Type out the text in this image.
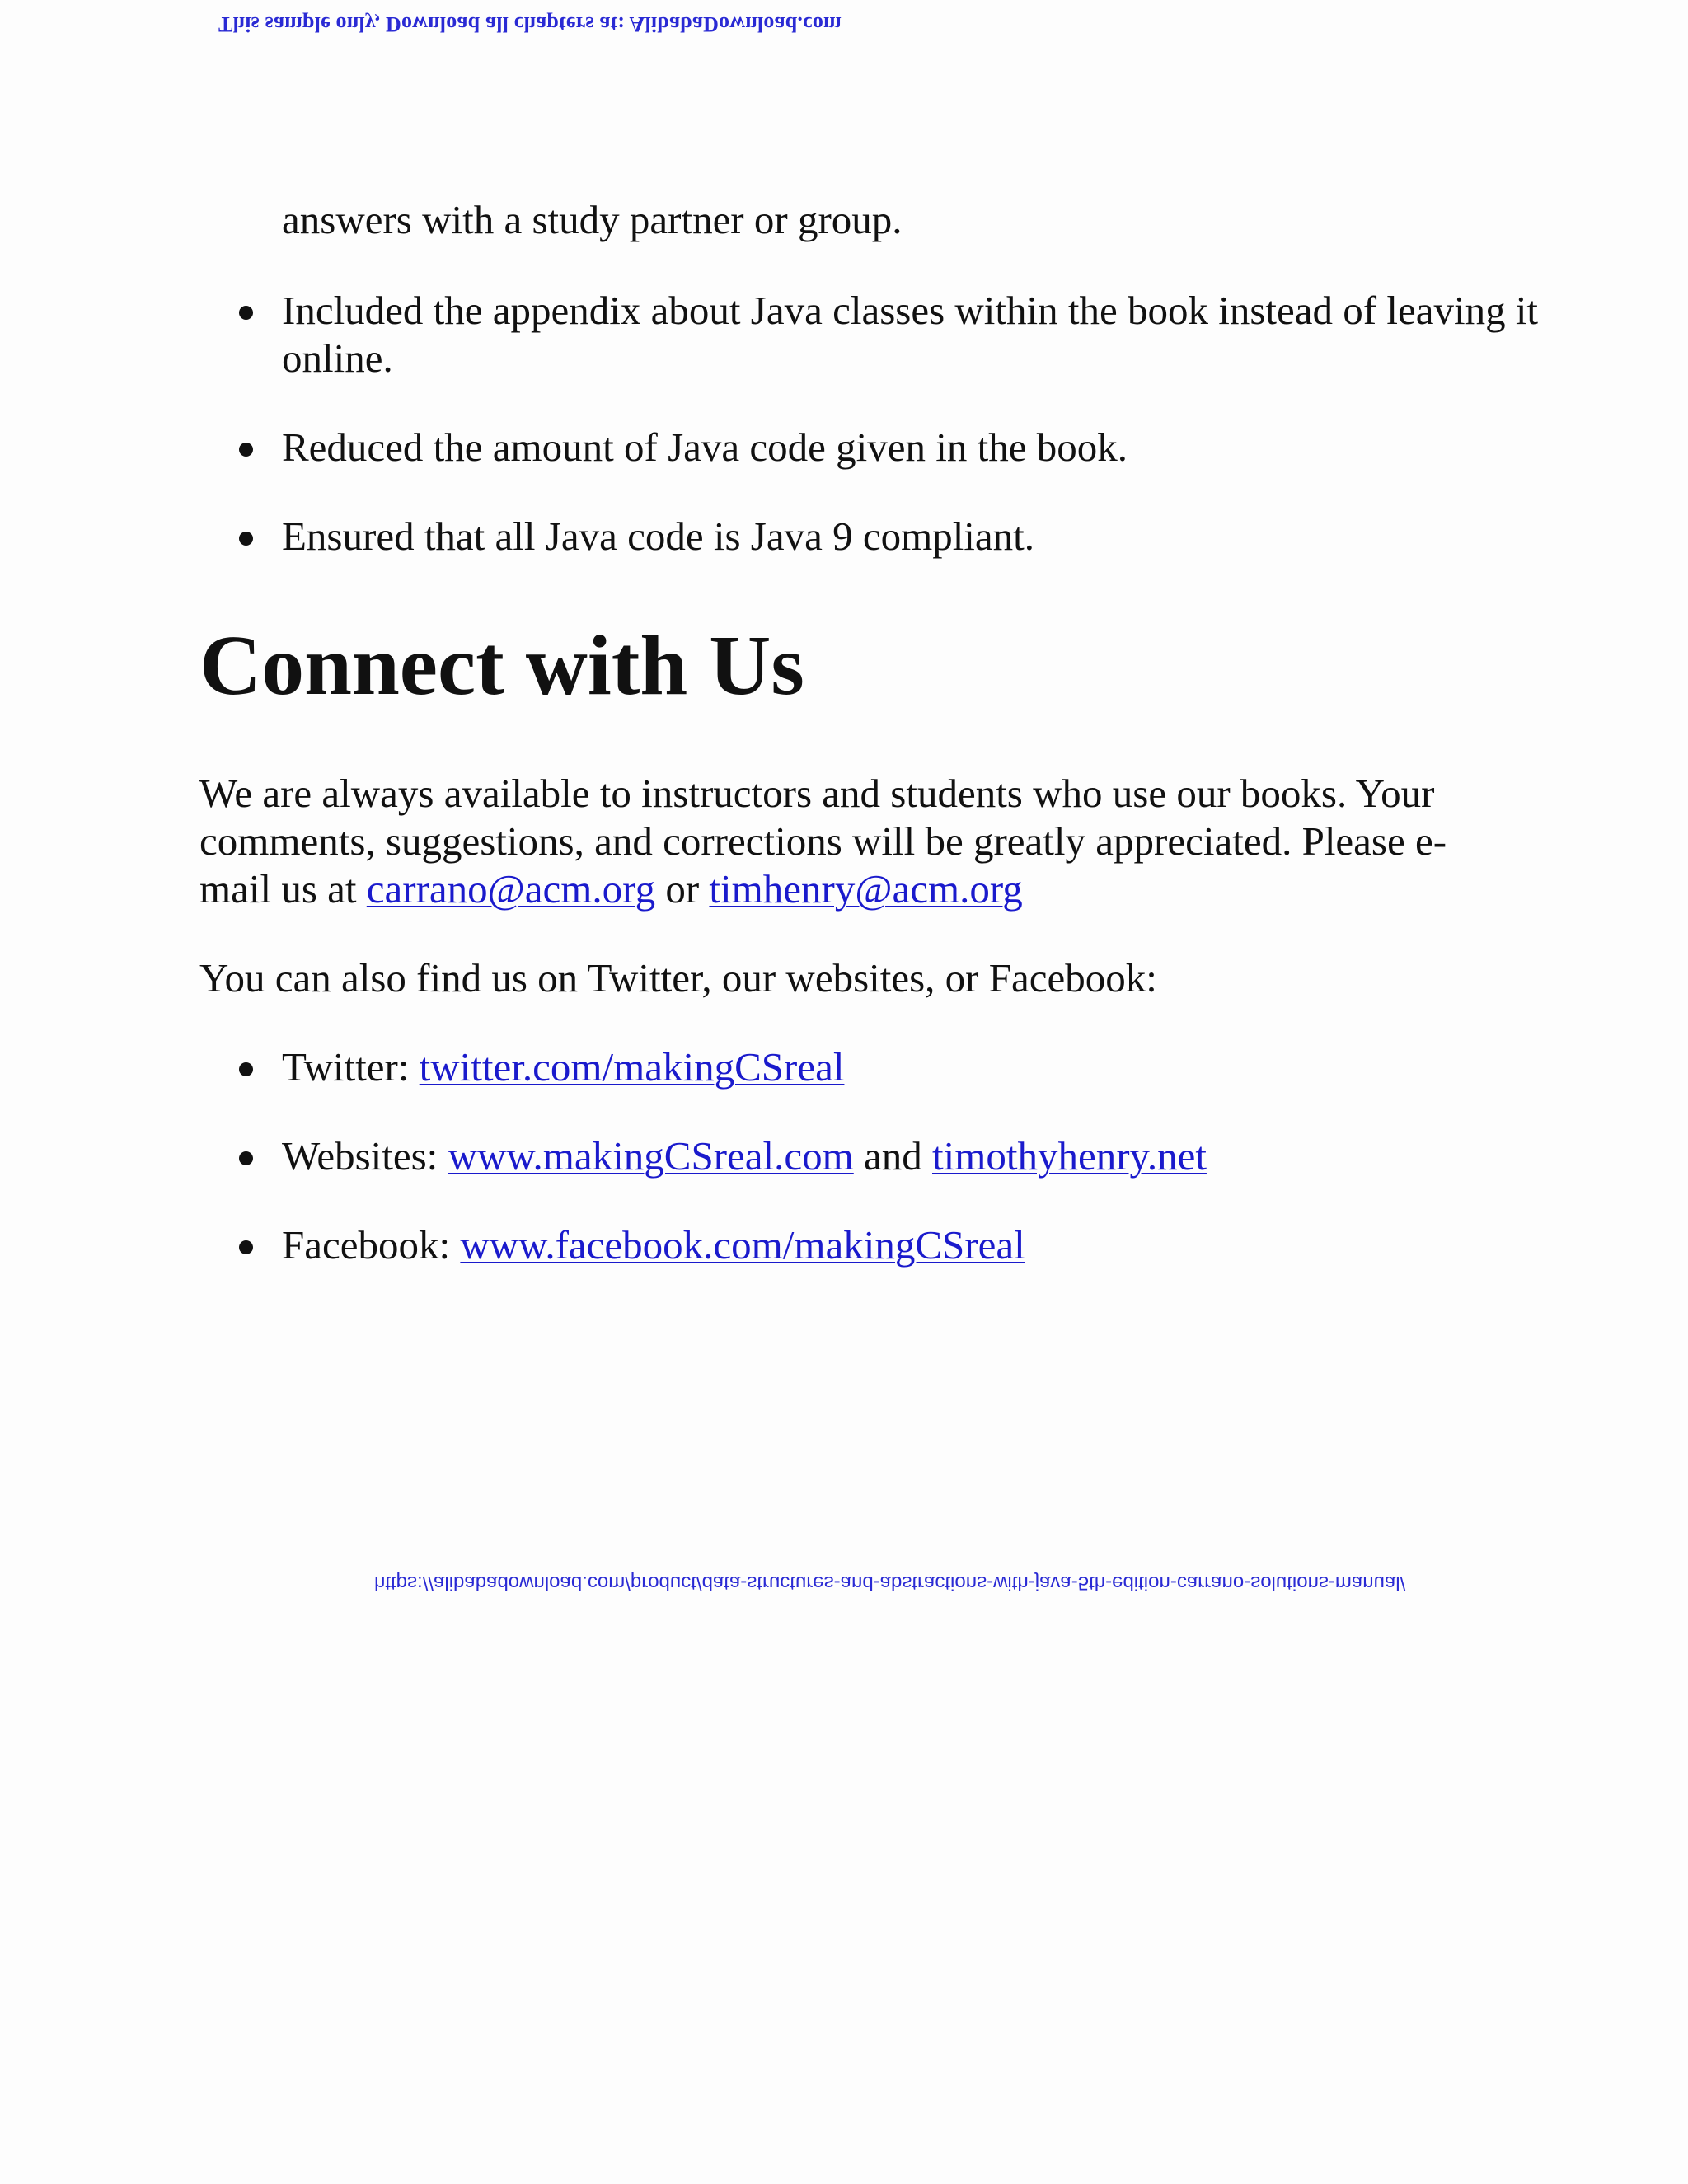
This sample only, Download all chapters at: AlibabaDownload.com

answers with a study partner or group.

Included the appendix about Java classes within the book instead of leaving it online.
Reduced the amount of Java code given in the book.
Ensured that all Java code is Java 9 compliant.
Connect with Us

We are always available to instructors and students who use our books. Your comments, suggestions, and corrections will be greatly appreciated. Please e-mail us at carrano@acm.org or timhenry@acm.org

You can also find us on Twitter, our websites, or Facebook:

Twitter: twitter.com/makingCSreal
Websites: www.makingCSreal.com and timothyhenry.net
Facebook: www.facebook.com/makingCSreal
https://alibabadownload.com/product/data-structures-and-abstractions-with-java-5th-edition-carrano-solutions-manual/
